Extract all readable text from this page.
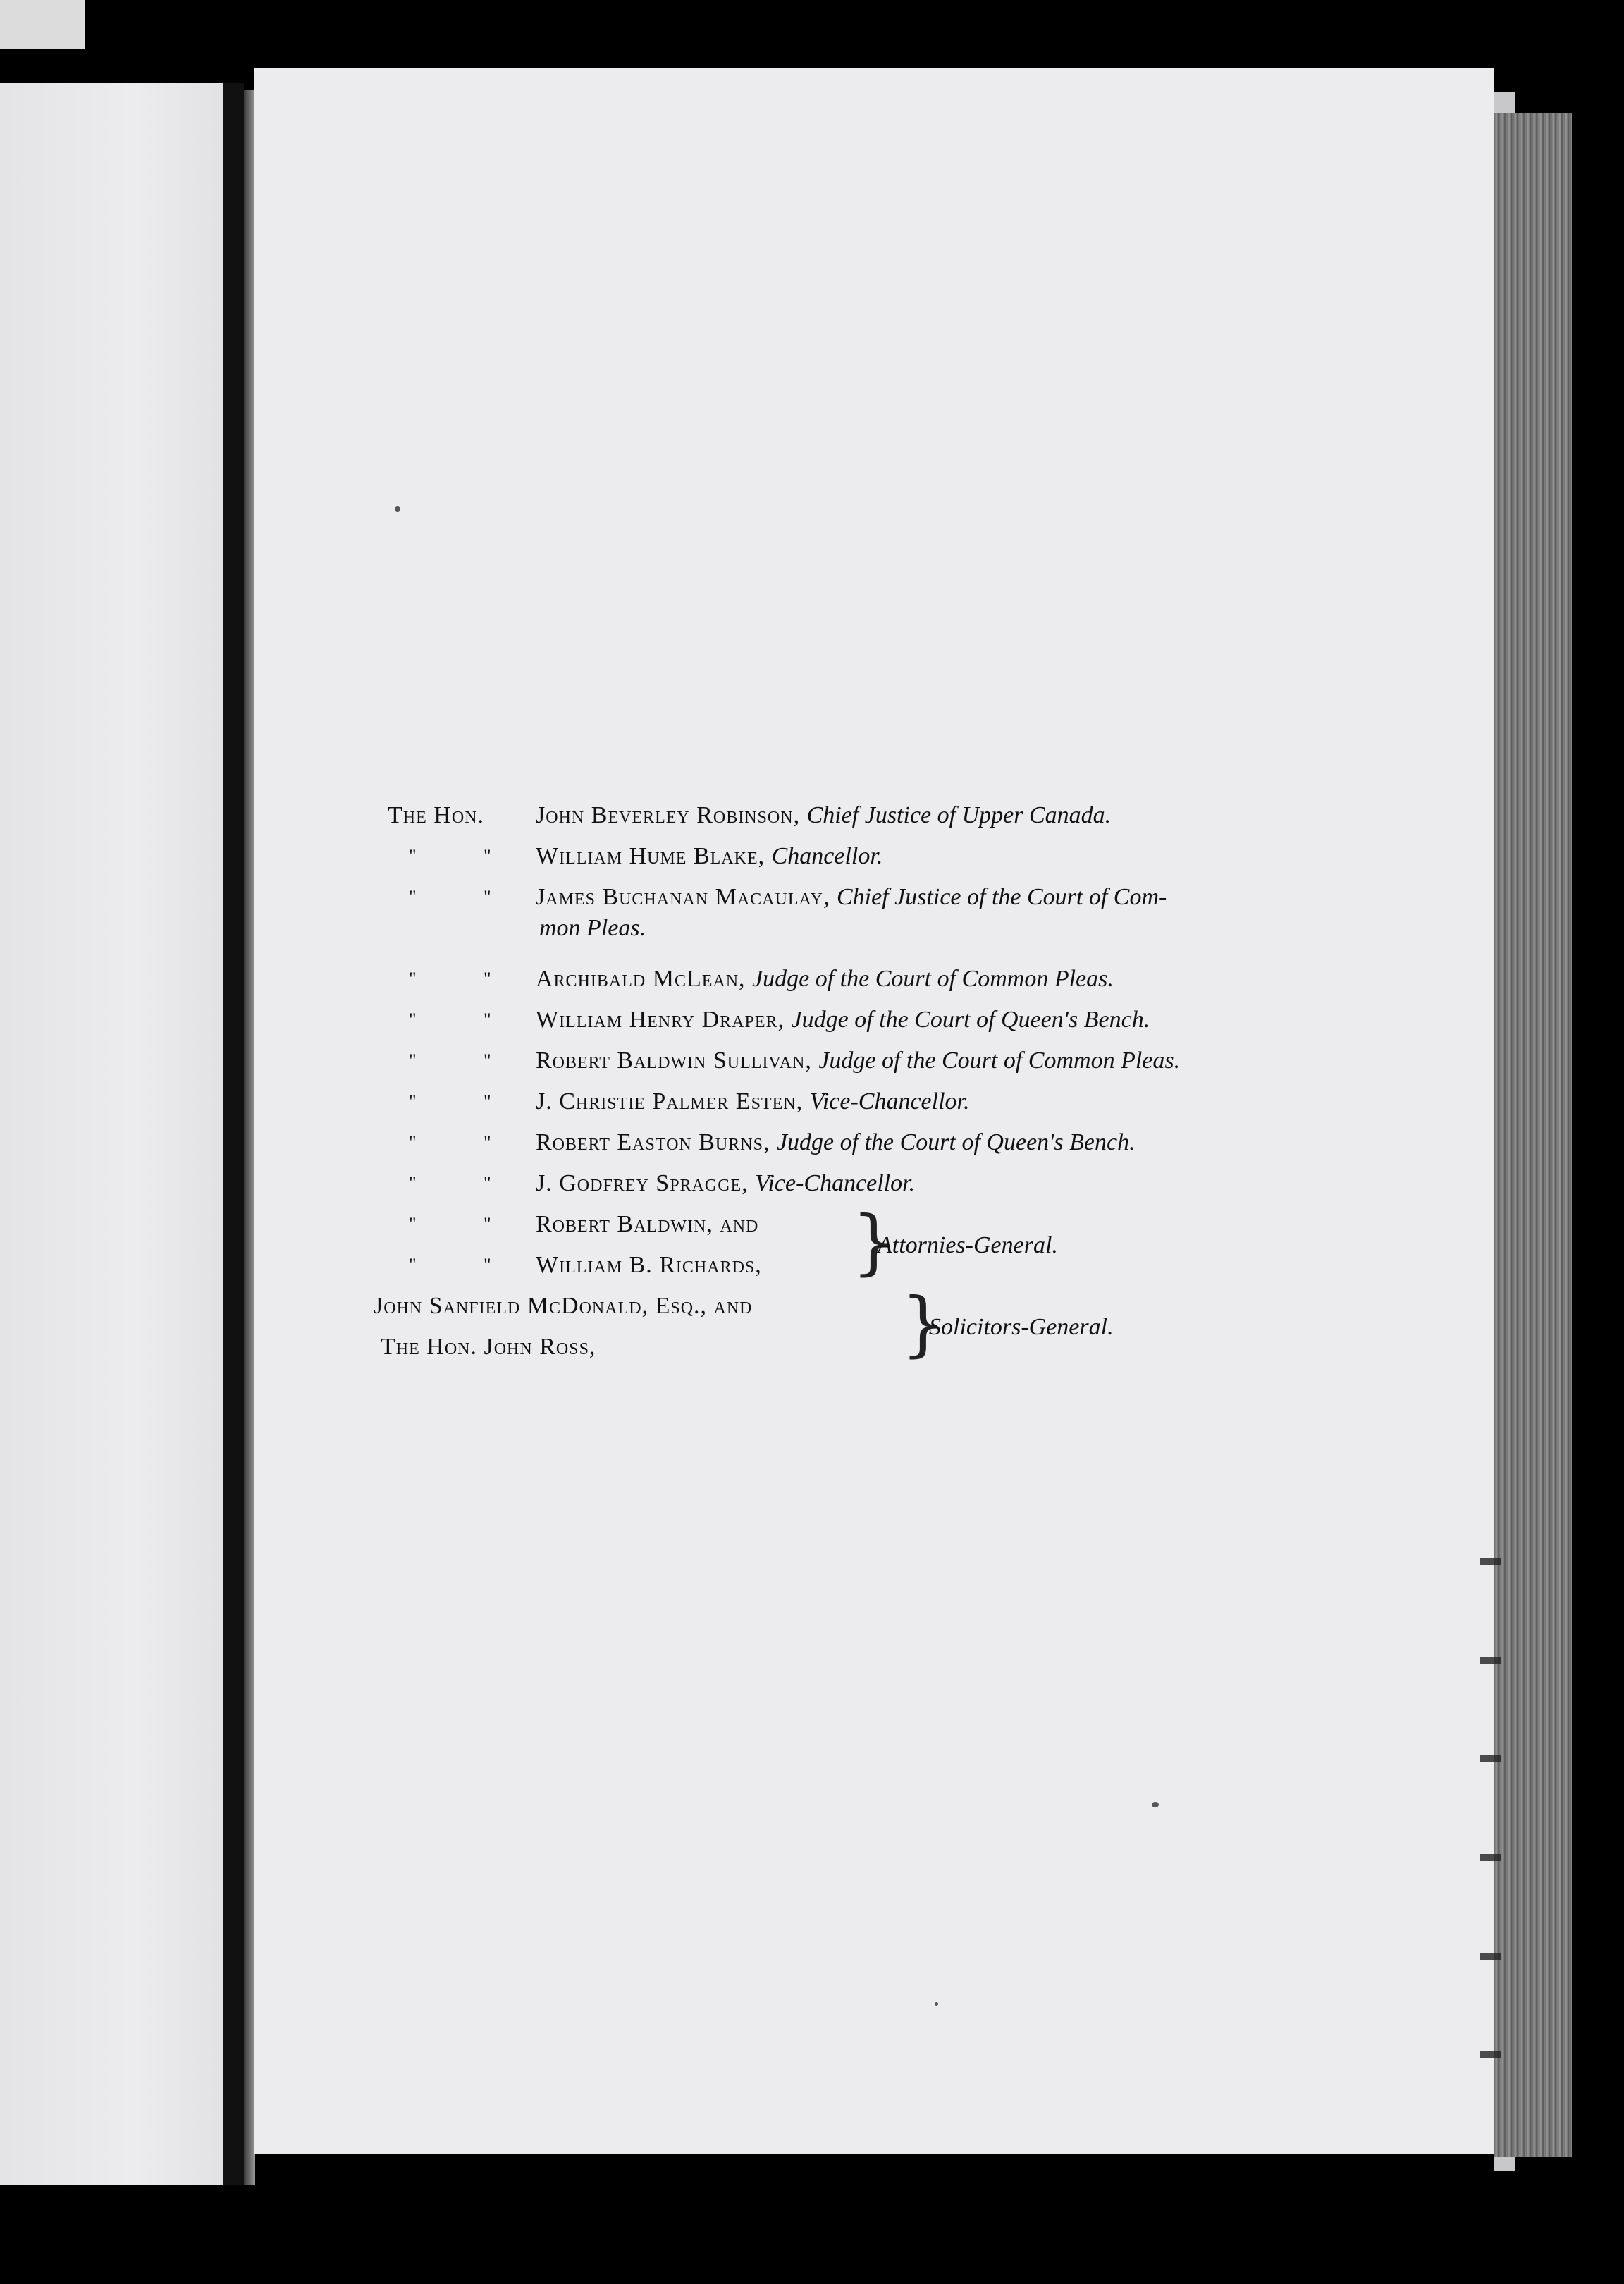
The Hon. John Beverley Robinson, Chief Justice of Upper Canada.
"	" William Hume Blake, Chancellor.
"	" James Buchanan Macaulay, Chief Justice of the Court of Com-
mon Pleas.
"	" Archibald McLean, Judge of the Court of Common Pleas.
"	" William Henry Draper, Judge of the Court of Queen's Bench.
"	" Robert Baldwin Sullivan, Judge of the Court of Common Pleas.
"	" J. Christie Palmer Esten, Vice-Chancellor.
"	" Robert Easton Burns, Judge of the Court of Queen's Bench.
"	" J. Godfrey Spragge, Vice-Chancellor.
"	" Robert Baldwin, and
"	" William B. Richards, }
Attornies-General.
John Sanfield McDonald, Esq., and
The Hon. John Ross,	}
Solicitors-General.
